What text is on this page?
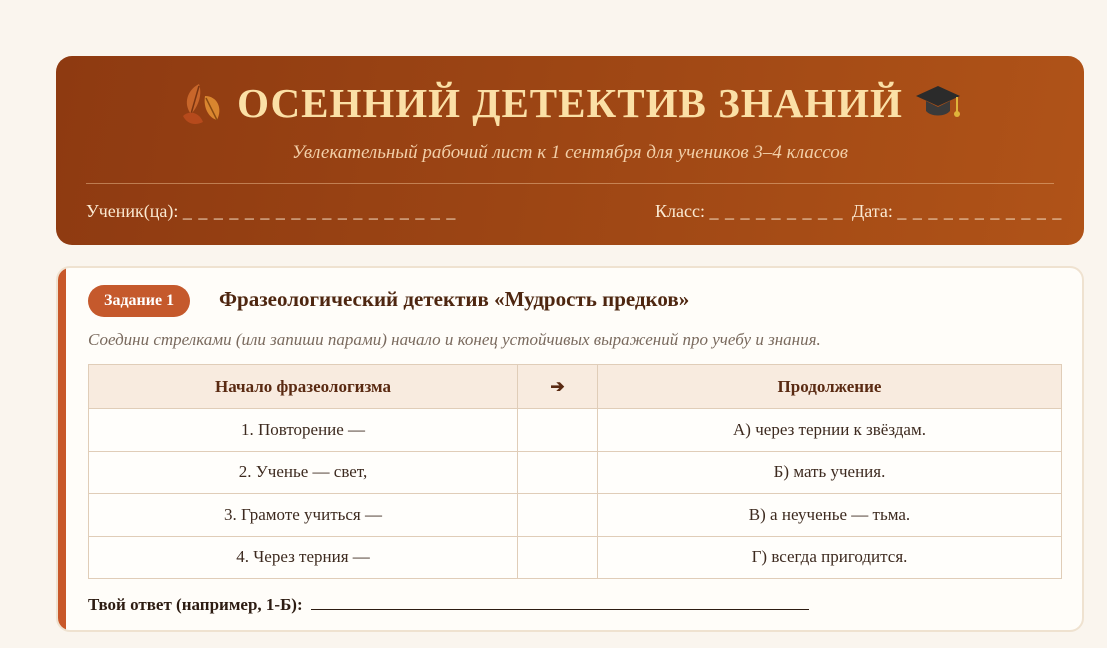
ОСЕННИЙ ДЕТЕКТИВ ЗНАНИЙ
Увлекательный рабочий лист к 1 сентября для учеников 3–4 классов
Ученик(ца): _ _ _ _ _ _ _ _ _ _ _ _ _ _ _ _ _ _	Класс: _ _ _ _ _ _ _ _ _ Дата: _ _ _ _ _ _ _ _ _ _ _
Задание 1	Фразеологический детектив «Мудрость предков»
Соедини стрелками (или запиши парами) начало и конец устойчивых выражений про учебу и знания.
Начало фразеологизма	➔	Продолжение
1. Повторение —		А) через тернии к звёздам.
2. Ученье — свет,		Б) мать учения.
3. Грамоте учиться —		В) а неученье — тьма.
4. Через терния —		Г) всегда пригодится.
Твой ответ (например, 1-Б):
